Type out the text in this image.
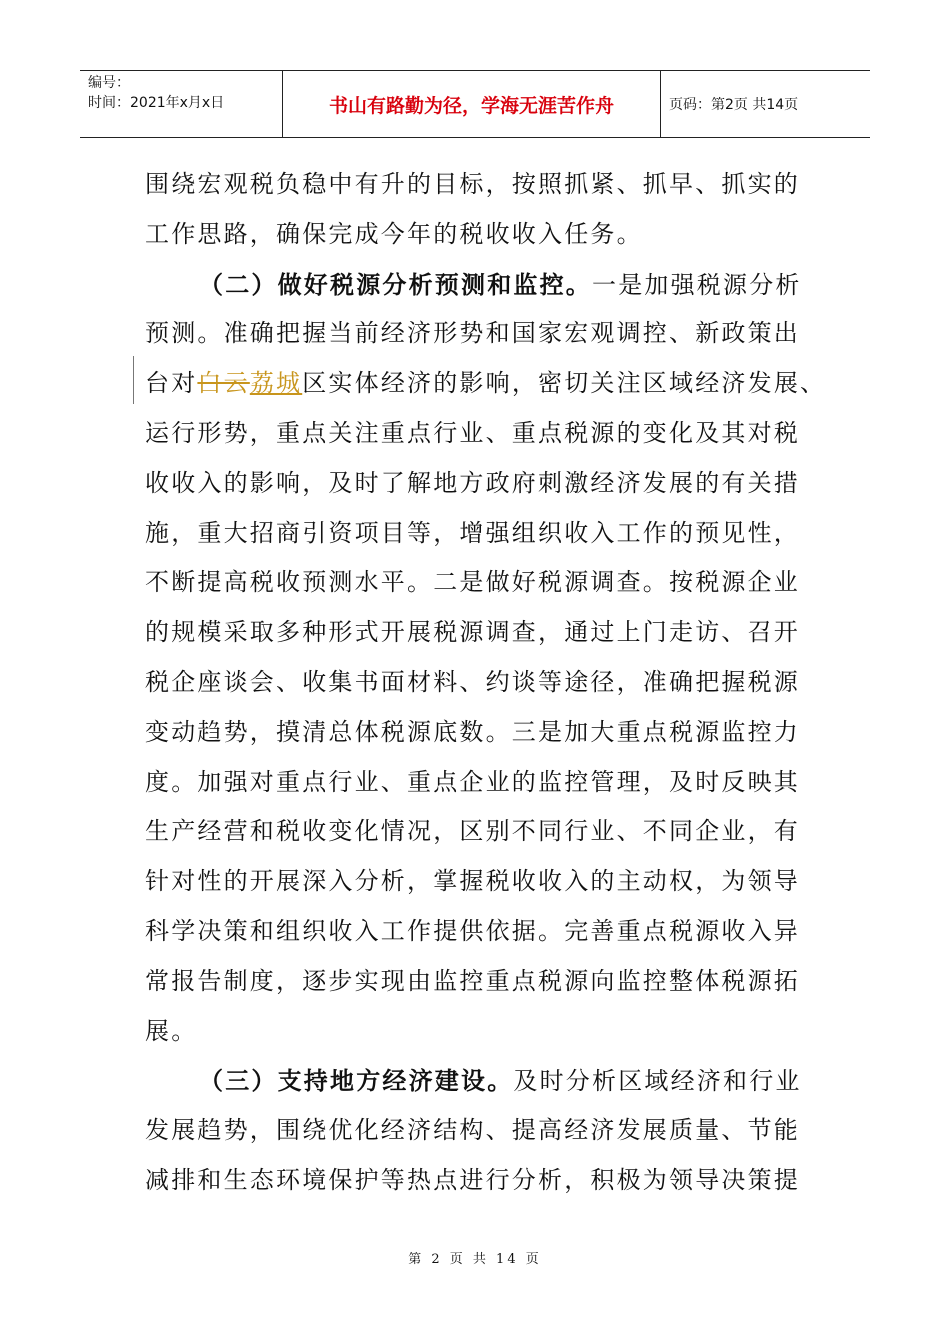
编号：
时间：2021年x月x日	书山有路勤为径，学海无涯苦作舟	页码：第2页 共14页
围绕宏观税负稳中有升的目标，按照抓紧、抓早、抓实的
工作思路，确保完成今年的税收收入任务。
（二）做好税源分析预测和监控。一是加强税源分析
预测。准确把握当前经济形势和国家宏观调控、新政策出
台对白云荔城区实体经济的影响，密切关注区域经济发展、
运行形势，重点关注重点行业、重点税源的变化及其对税
收收入的影响，及时了解地方政府刺激经济发展的有关措
施，重大招商引资项目等，增强组织收入工作的预见性，
不断提高税收预测水平。二是做好税源调查。按税源企业
的规模采取多种形式开展税源调查，通过上门走访、召开
税企座谈会、收集书面材料、约谈等途径，准确把握税源
变动趋势，摸清总体税源底数。三是加大重点税源监控力
度。加强对重点行业、重点企业的监控管理，及时反映其
生产经营和税收变化情况，区别不同行业、不同企业，有
针对性的开展深入分析，掌握税收收入的主动权，为领导
科学决策和组织收入工作提供依据。完善重点税源收入异
常报告制度，逐步实现由监控重点税源向监控整体税源拓
展。
（三）支持地方经济建设。及时分析区域经济和行业
发展趋势，围绕优化经济结构、提高经济发展质量、节能
减排和生态环境保护等热点进行分析，积极为领导决策提
第 2 页 共 14 页
